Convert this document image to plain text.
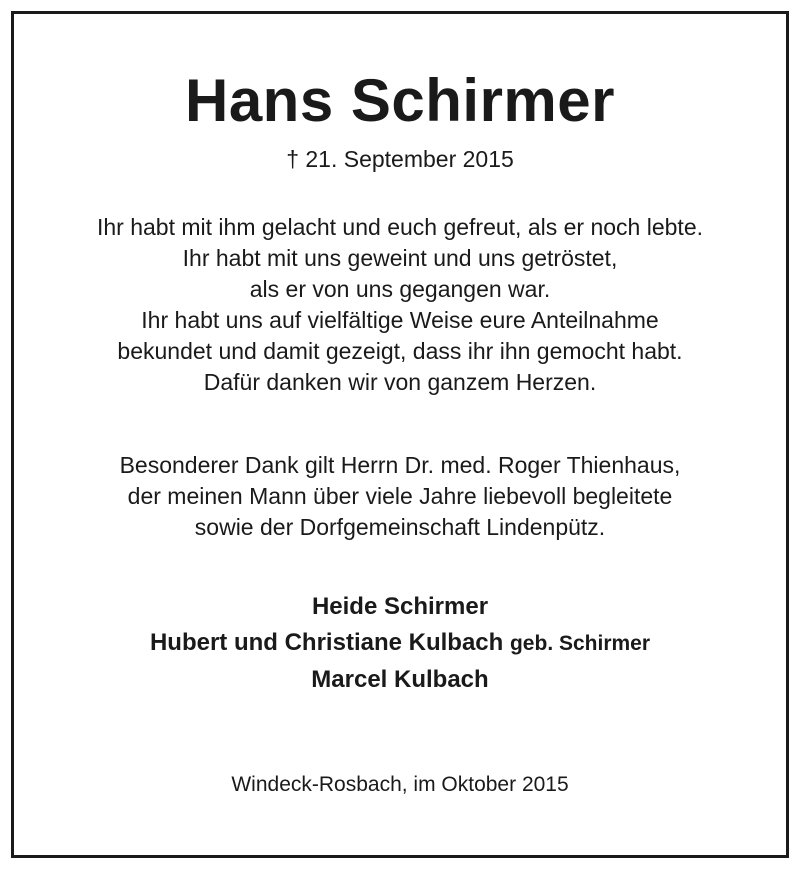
Hans Schirmer
† 21. September 2015
Ihr habt mit ihm gelacht und euch gefreut, als er noch lebte.
Ihr habt mit uns geweint und uns getröstet,
als er von uns gegangen war.
Ihr habt uns auf vielfältige Weise eure Anteilnahme
bekundet und damit gezeigt, dass ihr ihn gemocht habt.
Dafür danken wir von ganzem Herzen.
Besonderer Dank gilt Herrn Dr. med. Roger Thienhaus,
der meinen Mann über viele Jahre liebevoll begleitete
sowie der Dorfgemeinschaft Lindenpütz.
Heide Schirmer
Hubert und Christiane Kulbach geb. Schirmer
Marcel Kulbach
Windeck-Rosbach, im Oktober 2015
